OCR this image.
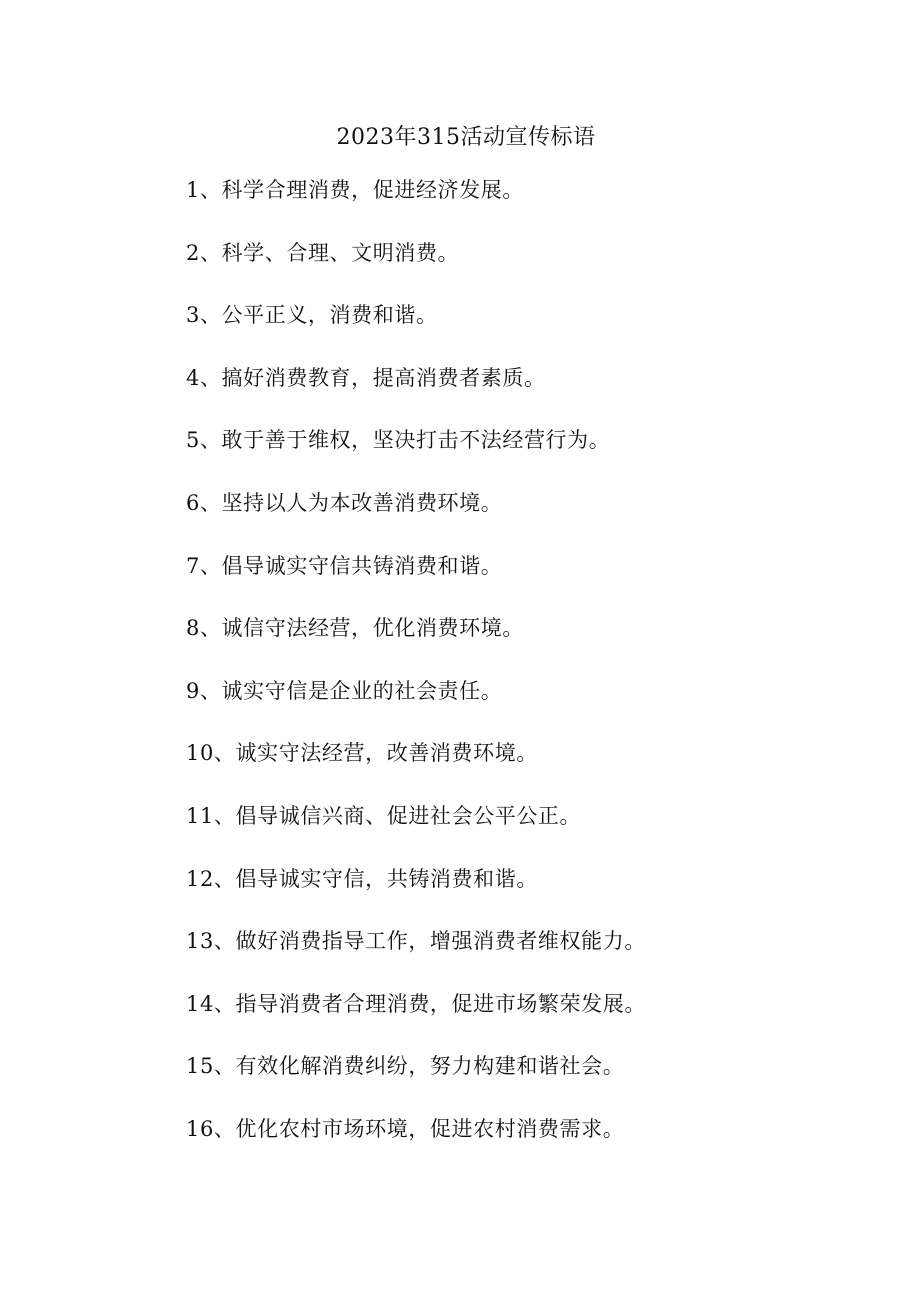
2023年315活动宣传标语
1、科学合理消费，促进经济发展。
2、科学、合理、文明消费。
3、公平正义，消费和谐。
4、搞好消费教育，提高消费者素质。
5、敢于善于维权，坚决打击不法经营行为。
6、坚持以人为本改善消费环境。
7、倡导诚实守信共铸消费和谐。
8、诚信守法经营，优化消费环境。
9、诚实守信是企业的社会责任。
10、诚实守法经营，改善消费环境。
11、倡导诚信兴商、促进社会公平公正。
12、倡导诚实守信，共铸消费和谐。
13、做好消费指导工作，增强消费者维权能力。
14、指导消费者合理消费，促进市场繁荣发展。
15、有效化解消费纠纷，努力构建和谐社会。
16、优化农村市场环境，促进农村消费需求。
